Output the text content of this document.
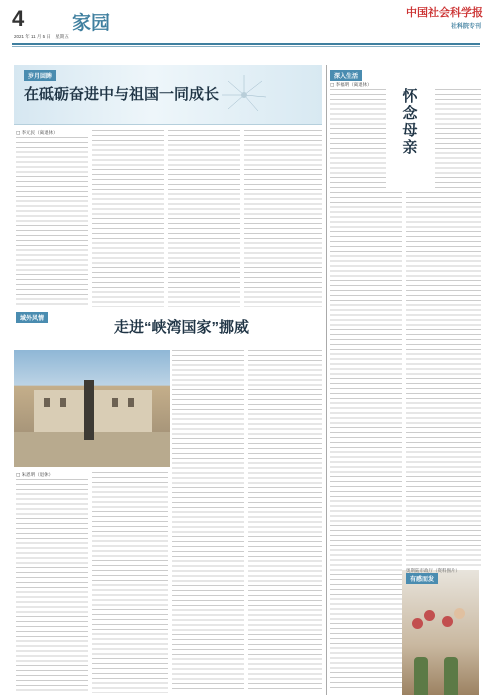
4
2021 年 11 月 5 日　星期五
家园	中国社会科学报
社科院专刊
岁月回眸
在砥砺奋进中与祖国一同成长
□ 李元民（离退休）
域外风情
走进“峡湾国家”挪威
□ 朱恩明（退休）
深入生活
怀
念
母
亲
□ 李福明（离退休）
有感而发
奥斯陆市政厅（资料图片）
